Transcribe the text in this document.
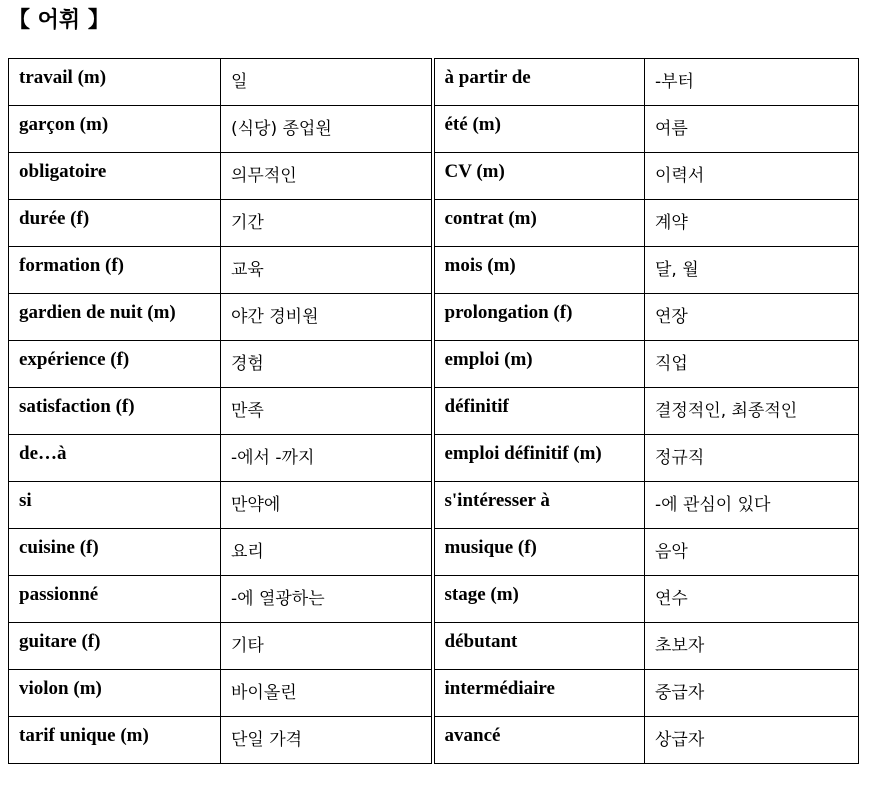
【 어휘 】
travail (m)	일	à partir de	-부터
garçon (m)	(식당) 종업원	été (m)	여름
obligatoire	의무적인	CV (m)	이력서
durée (f)	기간	contrat (m)	계약
formation (f)	교육	mois (m)	달, 월
gardien de nuit (m)	야간 경비원	prolongation (f)	연장
expérience (f)	경험	emploi (m)	직업
satisfaction (f)	만족	définitif	결정적인, 최종적인
de…à	-에서 -까지	emploi définitif (m)	정규직
si	만약에	s'intéresser à	-에 관심이 있다
cuisine (f)	요리	musique (f)	음악
passionné	-에 열광하는	stage (m)	연수
guitare (f)	기타	débutant	초보자
violon (m)	바이올린	intermédiaire	중급자
tarif unique (m)	단일 가격	avancé	상급자
